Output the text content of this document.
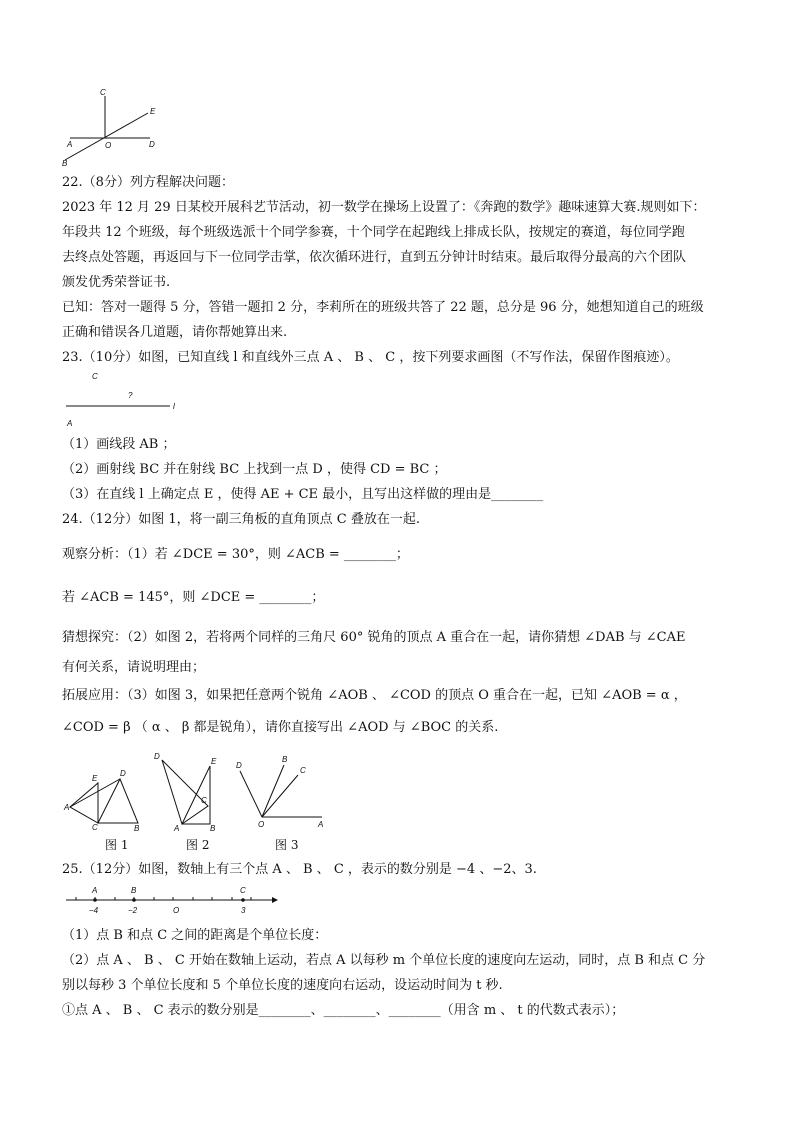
C
E
A	O	D
B
22.（8分）列方程解决问题：
2023 年 12 月 29 日某校开展科艺节活动，初一数学在操场上设置了：《奔跑的数学》趣味速算大赛.规则如下：
年段共 12 个班级，每个班级选派十个同学参赛，十个同学在起跑线上排成长队，按规定的赛道，每位同学跑
去终点处答题，再返回与下一位同学击掌，依次循环进行，直到五分钟计时结束。最后取得分最高的六个团队
颁发优秀荣誉证书.
已知：答对一题得 5 分，答错一题扣 2 分，李莉所在的班级共答了 22 题，总分是 96 分，她想知道自己的班级
正确和错误各几道题，请你帮她算出来.
23.（10分）如图，已知直线 l 和直线外三点 A 、 B 、 C ，按下列要求画图（不写作法，保留作图痕迹）。
C
?
l
A
（1）画线段 AB ；
（2）画射线 BC 并在射线 BC 上找到一点 D ，使得 CD = BC ；
（3）在直线 l 上确定点 E ，使得 AE + CE 最小，且写出这样做的理由是________
24.（12分）如图 1，将一副三角板的直角顶点 C 叠放在一起.
观察分析：（1）若 ∠DCE = 30°，则 ∠ACB = ________；
若 ∠ACB = 145°，则 ∠DCE = ________；
猜想探究：（2）如图 2，若将两个同样的三角尺 60° 锐角的顶点 A 重合在一起，请你猜想 ∠DAB 与 ∠CAE
有何关系，请说明理由；
拓展应用：（3）如图 3，如果把任意两个锐角 ∠AOB 、 ∠COD 的顶点 O 重合在一起，已知 ∠AOB = α ，
∠COD = β （ α 、 β 都是锐角），请你直接写出 ∠AOD 与 ∠BOC 的关系.
E
D
A
C	B
图 1
D
E
C
A	B
图 2
D
B
C
O	A
图 3
25.（12分）如图，数轴上有三个点 A 、 B 、 C ，表示的数分别是 −4 、−2、3.
A	B	C
−4	−2	O	3
（1）点 B 和点 C 之间的距离是个单位长度：
（2）点 A 、 B 、 C 开始在数轴上运动，若点 A 以每秒 m 个单位长度的速度向左运动，同时，点 B 和点 C 分
别以每秒 3 个单位长度和 5 个单位长度的速度向右运动，设运动时间为 t 秒.
①点 A 、 B 、 C 表示的数分别是________、________、________（用含 m 、 t 的代数式表示）；
